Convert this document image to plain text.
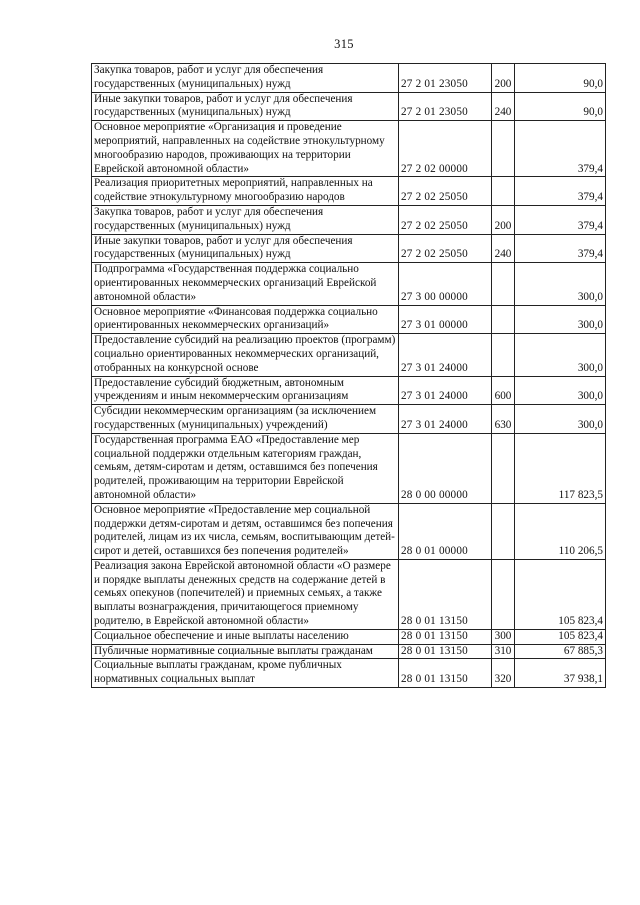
315
Закупка товаров, работ и услуг для обеспечения государственных (муниципальных) нужд	27 2 01 23050	200	90,0
Иные закупки товаров, работ и услуг для обеспечения государственных (муниципальных) нужд	27 2 01 23050	240	90,0
Основное мероприятие «Организация и проведение мероприятий, направленных на содействие этнокультурному многообразию народов, проживающих на территории Еврейской автономной области»	27 2 02 00000		379,4
Реализация приоритетных мероприятий, направленных на содействие этнокультурному многообразию народов	27 2 02 25050		379,4
Закупка товаров, работ и услуг для обеспечения государственных (муниципальных) нужд	27 2 02 25050	200	379,4
Иные закупки товаров, работ и услуг для обеспечения государственных (муниципальных) нужд	27 2 02 25050	240	379,4
Подпрограмма «Государственная поддержка социально ориентированных некоммерческих организаций Еврейской автономной области»	27 3 00 00000		300,0
Основное мероприятие «Финансовая поддержка социально ориентированных некоммерческих организаций»	27 3 01 00000		300,0
Предоставление субсидий на реализацию проектов (программ) социально ориентированных некоммерческих организаций, отобранных на конкурсной основе	27 3 01 24000		300,0
Предоставление субсидий бюджетным, автономным учреждениям и иным некоммерческим организациям	27 3 01 24000	600	300,0
Субсидии некоммерческим организациям (за исключением государственных (муниципальных) учреждений)	27 3 01 24000	630	300,0
Государственная программа ЕАО «Предоставление мер социальной поддержки отдельным категориям граждан, семьям, детям-сиротам и детям, оставшимся без попечения родителей, проживающим на территории Еврейской автономной области»	28 0 00 00000		117 823,5
Основное мероприятие «Предоставление мер социальной поддержки детям-сиротам и детям, оставшимся без попечения родителей, лицам из их числа, семьям, воспитывающим детей-сирот и детей, оставшихся без попечения родителей»	28 0 01 00000		110 206,5
Реализация закона Еврейской автономной области «О размере и порядке выплаты денежных средств на содержание детей в семьях опекунов (попечителей) и приемных семьях, а также выплаты вознаграждения, причитающегося приемному родителю, в Еврейской автономной области»	28 0 01 13150		105 823,4
Социальное обеспечение и иные выплаты населению	28 0 01 13150	300	105 823,4
Публичные нормативные социальные выплаты гражданам	28 0 01 13150	310	67 885,3
Социальные выплаты гражданам, кроме публичных нормативных социальных выплат	28 0 01 13150	320	37 938,1
